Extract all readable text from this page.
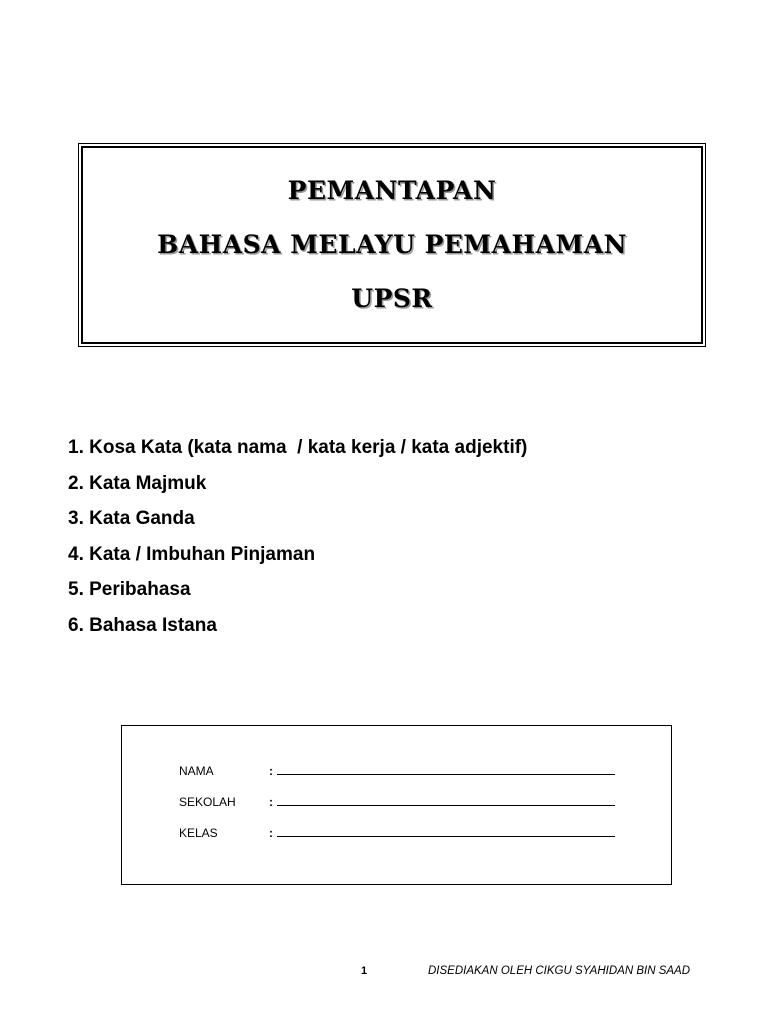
PEMANTAPAN
BAHASA MELAYU PEMAHAMAN
UPSR
1. Kosa Kata (kata nama  / kata kerja / kata adjektif)
2. Kata Majmuk
3. Kata Ganda
4. Kata / Imbuhan Pinjaman
5. Peribahasa
6. Bahasa Istana
NAMA	:
SEKOLAH	:
KELAS	:
1	DISEDIAKAN OLEH CIKGU SYAHIDAN BIN SAAD
